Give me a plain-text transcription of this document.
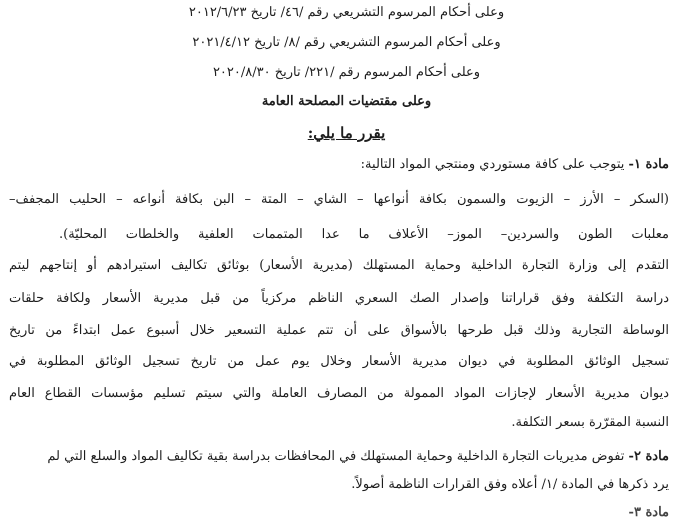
وعلى أحكام المرسوم التشريعي رقم /٤٦/ تاريخ ٢٠١٢/٦/٢٣
وعلى أحكام المرسوم التشريعي رقم /٨/ تاريخ ٢٠٢١/٤/١٢
وعلى أحكام المرسوم رقم /٢٢١/ تاريخ ٢٠٢٠/٨/٣٠
وعلى مقتضيات المصلحة العامة
يقرر ما يلي:
مادة ١- يتوجب على كافة مستوردي ومنتجي المواد التالية:
(السكر – الأرز – الزيوت والسمون بكافة أنواعها – الشاي – المتة – البن بكافة أنواعه – الحليب المجفف–
معلبات الطون والسردين– الموز– الأعلاف ما عدا المتممات العلفية والخلطات المحليّة).
التقدم إلى وزارة التجارة الداخلية وحماية المستهلك (مديرية الأسعار) بوثائق تكاليف استيرادهم أو إنتاجهم ليتم
دراسة التكلفة وفق قراراتنا وإصدار الصك السعري الناظم مركزياً من قبل مديرية الأسعار ولكافة حلقات
الوساطة التجارية وذلك قبل طرحها بالأسواق على أن تتم عملية التسعير خلال أسبوع عمل ابتداءً من تاريخ
تسجيل الوثائق المطلوبة في ديوان مديرية الأسعار وخلال يوم عمل من تاريخ تسجيل الوثائق المطلوبة في
ديوان مديرية الأسعار لإجازات المواد الممولة من المصارف العاملة والتي سيتم تسليم مؤسسات القطاع العام
النسبة المقرّرة بسعر التكلفة.
مادة ٢- تفوض مديريات التجارة الداخلية وحماية المستهلك في المحافظات بدراسة بقية تكاليف المواد والسلع التي لم
يرد ذكرها في المادة /١/ أعلاه وفق القرارات الناظمة أصولاً.
مادة ٣-
